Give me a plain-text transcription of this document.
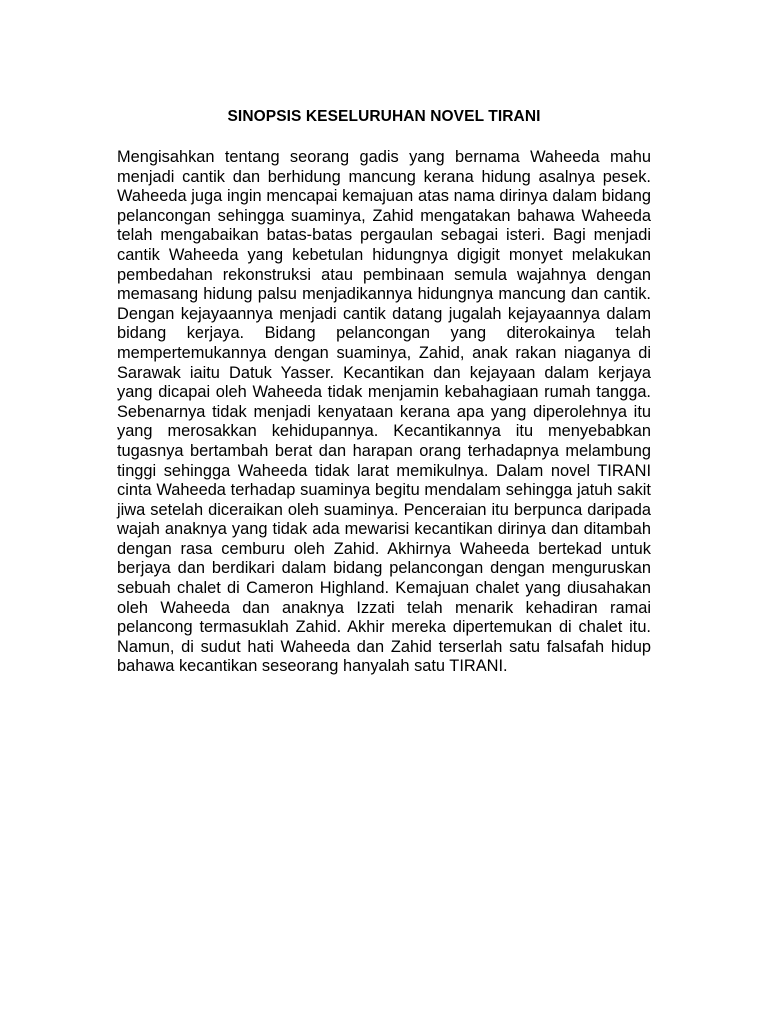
SINOPSIS KESELURUHAN NOVEL TIRANI

Mengisahkan tentang seorang gadis yang bernama Waheeda mahu menjadi cantik dan berhidung mancung kerana hidung asalnya pesek. Waheeda juga ingin mencapai kemajuan atas nama dirinya dalam bidang pelancongan sehingga suaminya, Zahid mengatakan bahawa Waheeda telah mengabaikan batas-batas pergaulan sebagai isteri. Bagi menjadi cantik Waheeda yang kebetulan hidungnya digigit monyet melakukan pembedahan rekonstruksi atau pembinaan semula wajahnya dengan memasang hidung palsu menjadikannya hidungnya mancung dan cantik. Dengan kejayaannya menjadi cantik datang jugalah kejayaannya dalam bidang kerjaya. Bidang pelancongan yang diterokainya telah mempertemukannya dengan suaminya, Zahid, anak rakan niaganya di Sarawak iaitu Datuk Yasser. Kecantikan dan kejayaan dalam kerjaya yang dicapai oleh Waheeda tidak menjamin kebahagiaan rumah tangga. Sebenarnya tidak menjadi kenyataan kerana apa yang diperolehnya itu yang merosakkan kehidupannya. Kecantikannya itu menyebabkan tugasnya bertambah berat dan harapan orang terhadapnya melambung tinggi sehingga Waheeda tidak larat memikulnya. Dalam novel TIRANI cinta Waheeda terhadap suaminya begitu mendalam sehingga jatuh sakit jiwa setelah diceraikan oleh suaminya. Penceraian itu berpunca daripada wajah anaknya yang tidak ada mewarisi kecantikan dirinya dan ditambah dengan rasa cemburu oleh Zahid. Akhirnya Waheeda bertekad untuk berjaya dan berdikari dalam bidang pelancongan dengan menguruskan sebuah chalet di Cameron Highland. Kemajuan chalet yang diusahakan oleh Waheeda dan anaknya Izzati telah menarik kehadiran ramai pelancong termasuklah Zahid. Akhir mereka dipertemukan di chalet itu. Namun, di sudut hati Waheeda dan Zahid terserlah satu falsafah hidup bahawa kecantikan seseorang hanyalah satu TIRANI.
